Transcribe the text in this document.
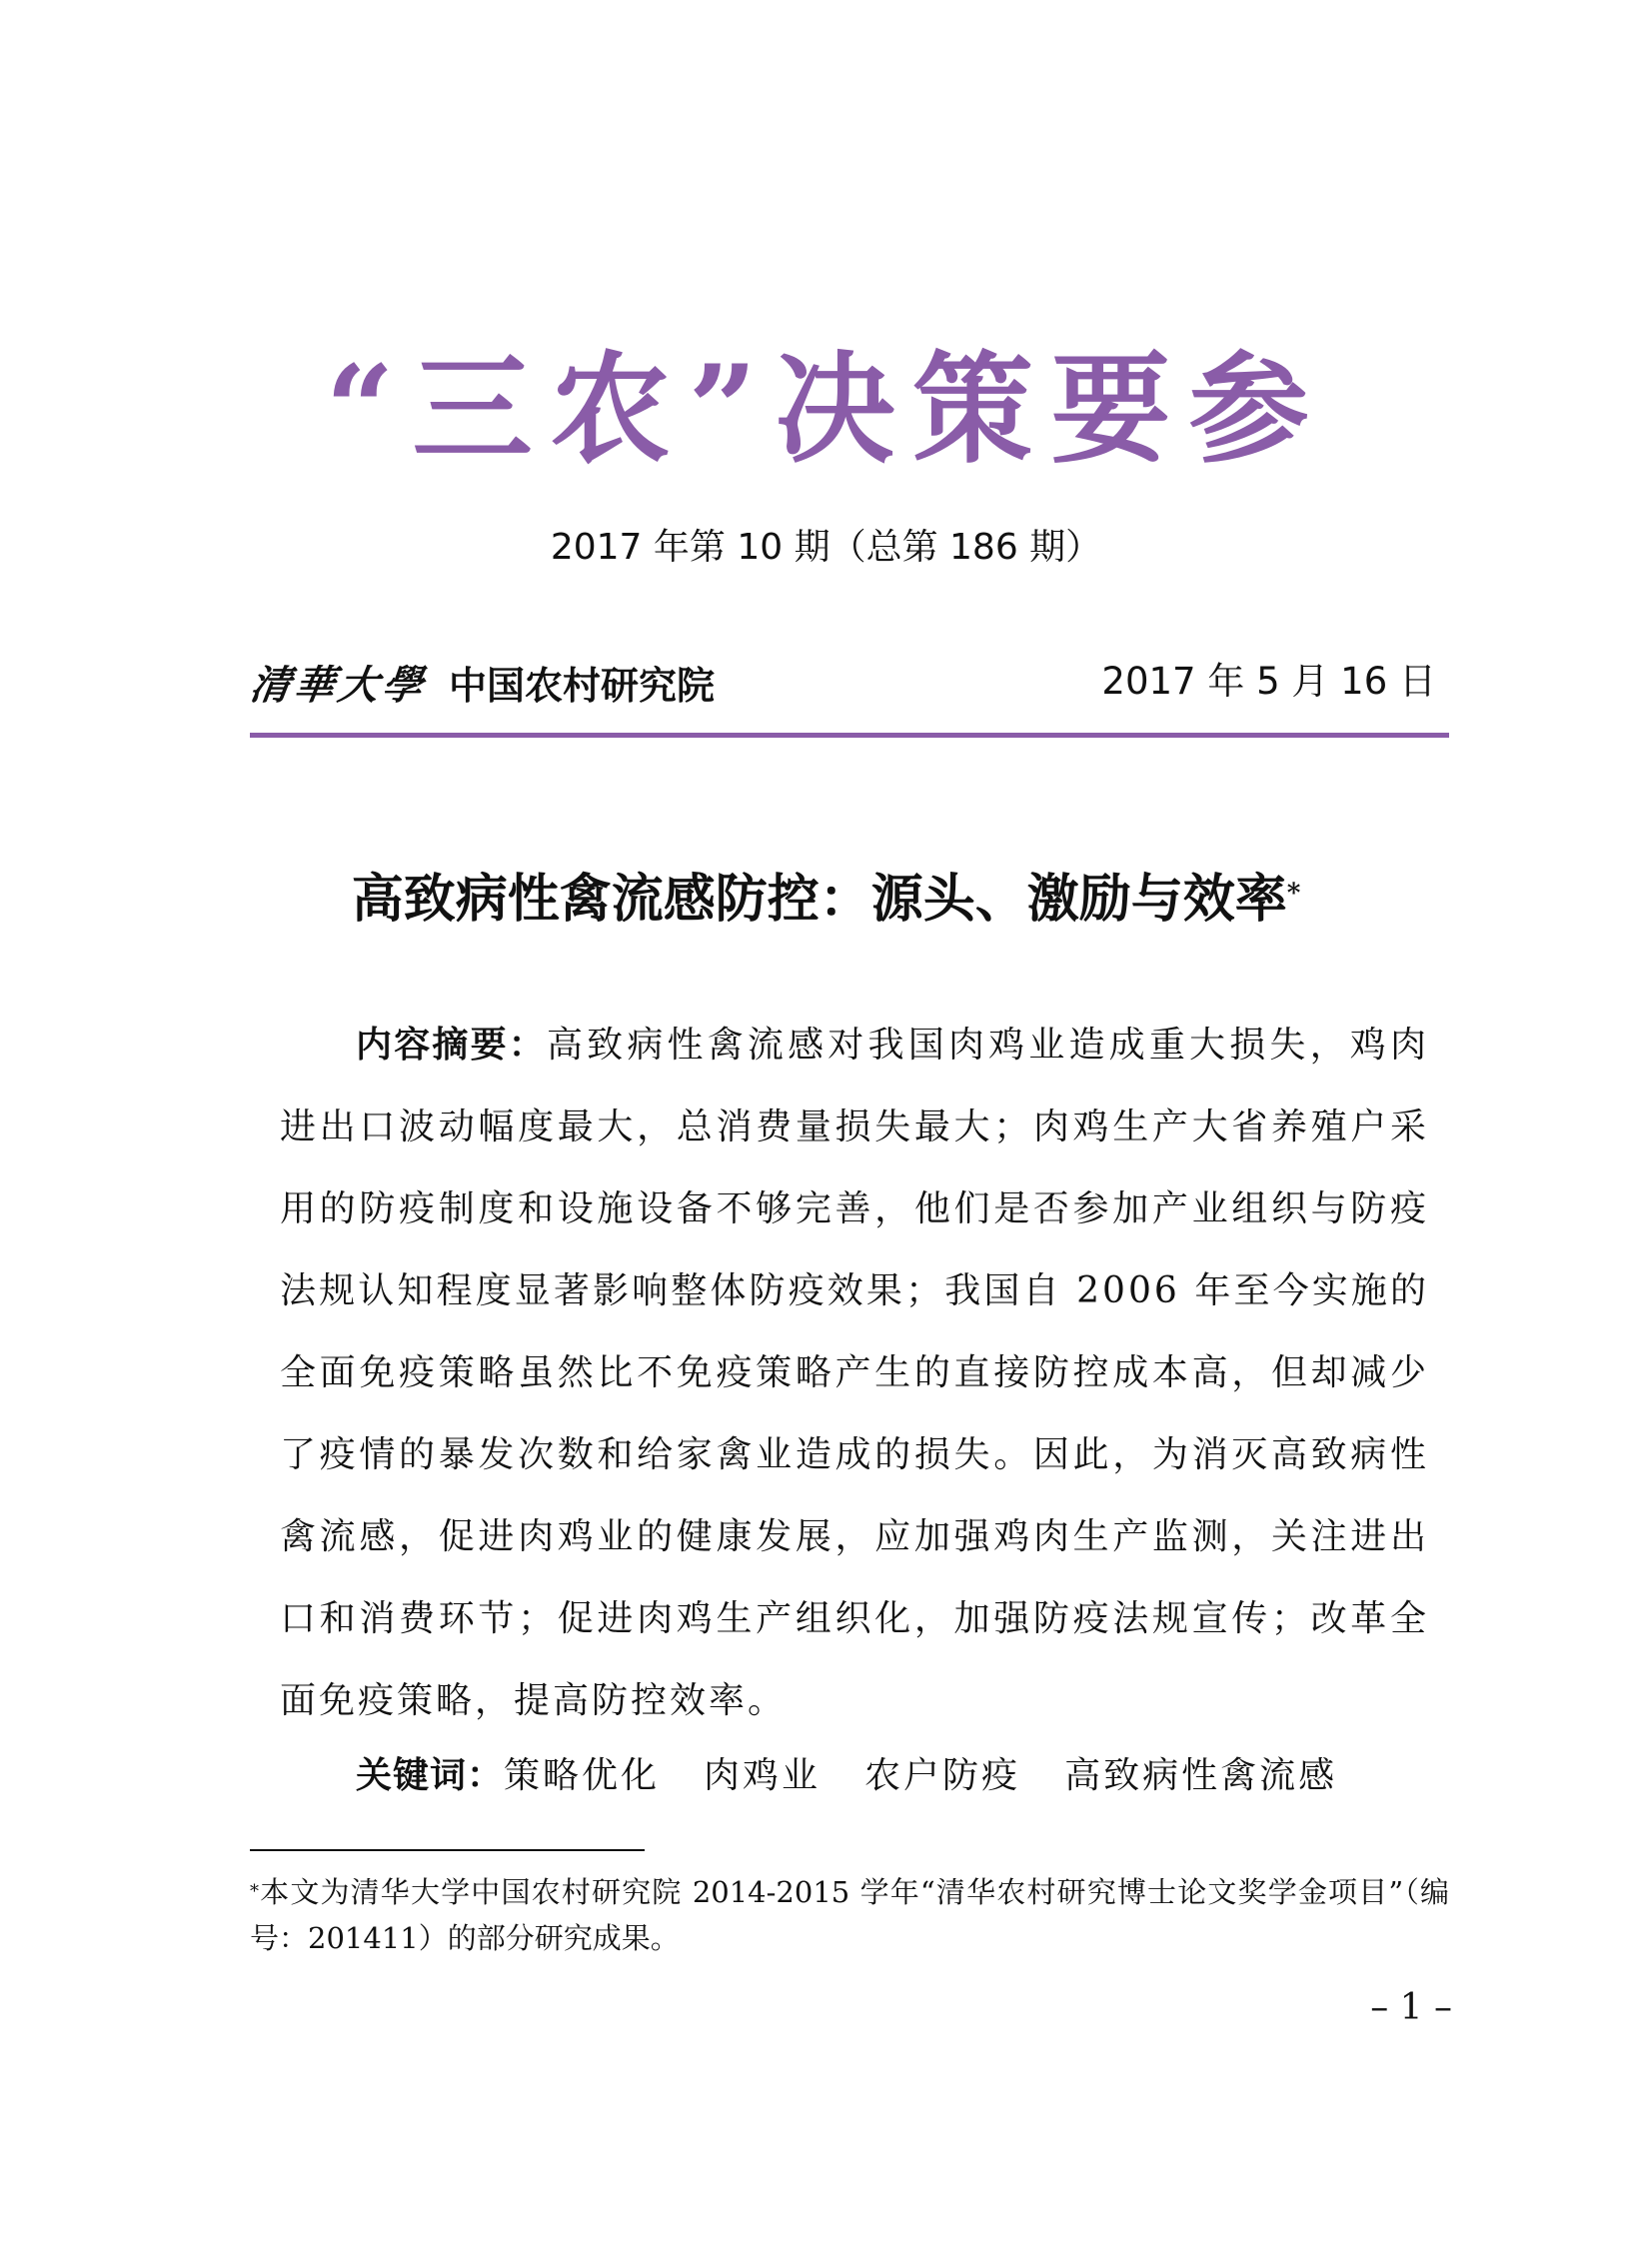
“三农”决策要参
2017 年第 10 期（总第 186 期）
清華大學 中国农村研究院	2017 年 5 月 16 日
高致病性禽流感防控：源头、激励与效率*
内容摘要：高致病性禽流感对我国肉鸡业造成重大损失，鸡肉进出口波动幅度最大，总消费量损失最大；肉鸡生产大省养殖户采用的防疫制度和设施设备不够完善，他们是否参加产业组织与防疫法规认知程度显著影响整体防疫效果；我国自 2006 年至今实施的全面免疫策略虽然比不免疫策略产生的直接防控成本高，但却减少了疫情的暴发次数和给家禽业造成的损失。因此，为消灭高致病性禽流感，促进肉鸡业的健康发展，应加强鸡肉生产监测，关注进出口和消费环节；促进肉鸡生产组织化，加强防疫法规宣传；改革全面免疫策略，提高防控效率。
关键词：策略优化 肉鸡业 农户防疫 高致病性禽流感
*本文为清华大学中国农村研究院 2014-2015 学年“清华农村研究博士论文奖学金项目”（编号：201411）的部分研究成果。
– 1 –
